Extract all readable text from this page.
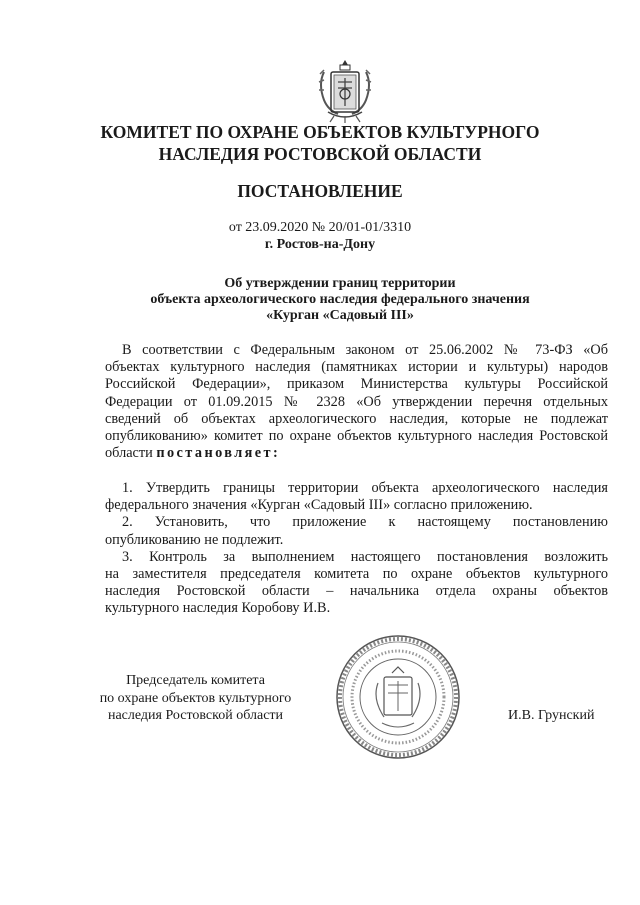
КОМИТЕТ ПО ОХРАНЕ ОБЪЕКТОВ КУЛЬТУРНОГО
НАСЛЕДИЯ РОСТОВСКОЙ ОБЛАСТИ
ПОСТАНОВЛЕНИЕ
от 23.09.2020 № 20/01-01/3310
г. Ростов-на-Дону
Об утверждении границ территории
объекта археологического наследия федерального значения
«Курган «Садовый III»
В соответствии с Федеральным законом от 25.06.2002 № 73-ФЗ «Об
объектах культурного наследия (памятниках истории и культуры) народов
Российской Федерации», приказом Министерства культуры Российской
Федерации от 01.09.2015 № 2328 «Об утверждении перечня отдельных
сведений об объектах археологического наследия, которые не подлежат
опубликованию» комитет по охране объектов культурного наследия Ростовской
области постановляет:
1. Утвердить границы территории объекта археологического наследия
федерального значения «Курган «Садовый III» согласно приложению.
2. Установить, что приложение к настоящему постановлению
опубликованию не подлежит.
3. Контроль за выполнением настоящего постановления возложить
на заместителя председателя комитета по охране объектов культурного
наследия Ростовской области – начальника отдела охраны объектов
культурного наследия Коробову И.В.
Председатель комитета
по охране объектов культурного
наследия Ростовской области	И.В. Грунский
